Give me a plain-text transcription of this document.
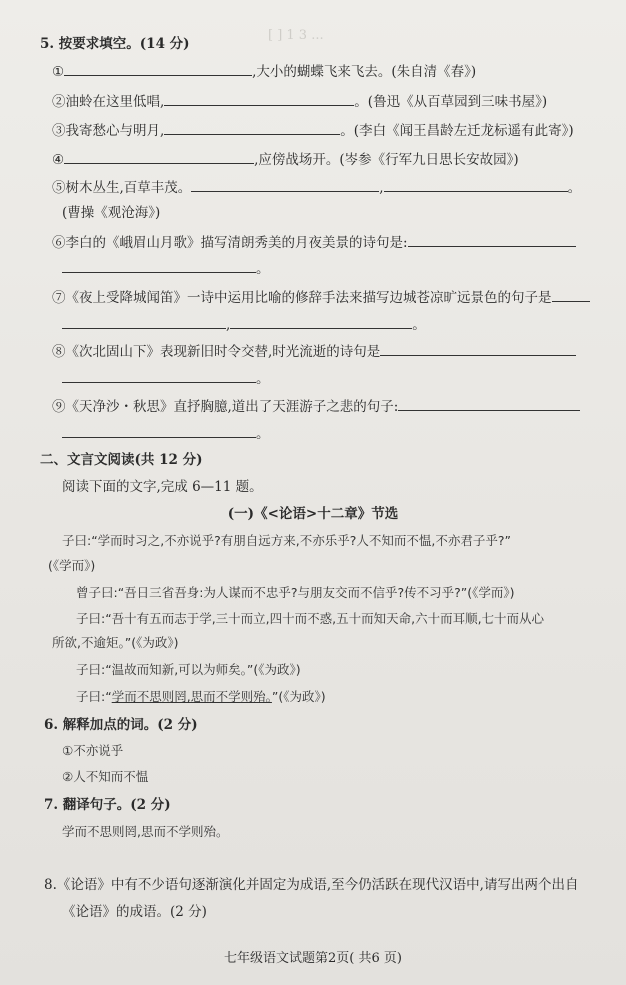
[ ] 1 3 ...
5. 按要求填空。(14 分)
①	,大小的蝴蝶飞来飞去。(朱自清《春》)
②油蛉在这里低唱,	。(鲁迅《从百草园到三味书屋》)
③我寄愁心与明月,	。(李白《闻王昌龄左迁龙标遥有此寄》)
④	,应傍战场开。(岑参《行军九日思长安故园》)
⑤树木丛生,百草丰茂。	,	。
(曹操《观沧海》)
⑥李白的《峨眉山月歌》描写清朗秀美的月夜美景的诗句是:
。
⑦《夜上受降城闻笛》一诗中运用比喻的修辞手法来描写边城苍凉旷远景色的句子是
,	。
⑧《次北固山下》表现新旧时令交替,时光流逝的诗句是
。
⑨《天净沙・秋思》直抒胸臆,道出了天涯游子之悲的句子:
。
二、文言文阅读(共 12 分)
阅读下面的文字,完成 6—11 题。
(一)《<论语>十二章》节选
子曰:“学而时习之,不亦说乎?有朋自远方来,不亦乐乎?人不知而不愠,不亦君子乎?”
(《学而》)
曾子曰:“吾日三省吾身:为人谋而不忠乎?与朋友交而不信乎?传不习乎?”(《学而》)
子曰:“吾十有五而志于学,三十而立,四十而不惑,五十而知天命,六十而耳顺,七十而从心
所欲,不逾矩。”(《为政》)
子曰:“温故而知新,可以为师矣。”(《为政》)
子曰:“学而不思则罔,思而不学则殆。”(《为政》)
6. 解释加点的词。(2 分)
①不亦说乎
②人不知而不愠
7. 翻译句子。(2 分)
学而不思则罔,思而不学则殆。
8.《论语》中有不少语句逐渐演化并固定为成语,至今仍活跃在现代汉语中,请写出两个出自
《论语》的成语。(2 分)
七年级语文试题第2页( 共6 页)
